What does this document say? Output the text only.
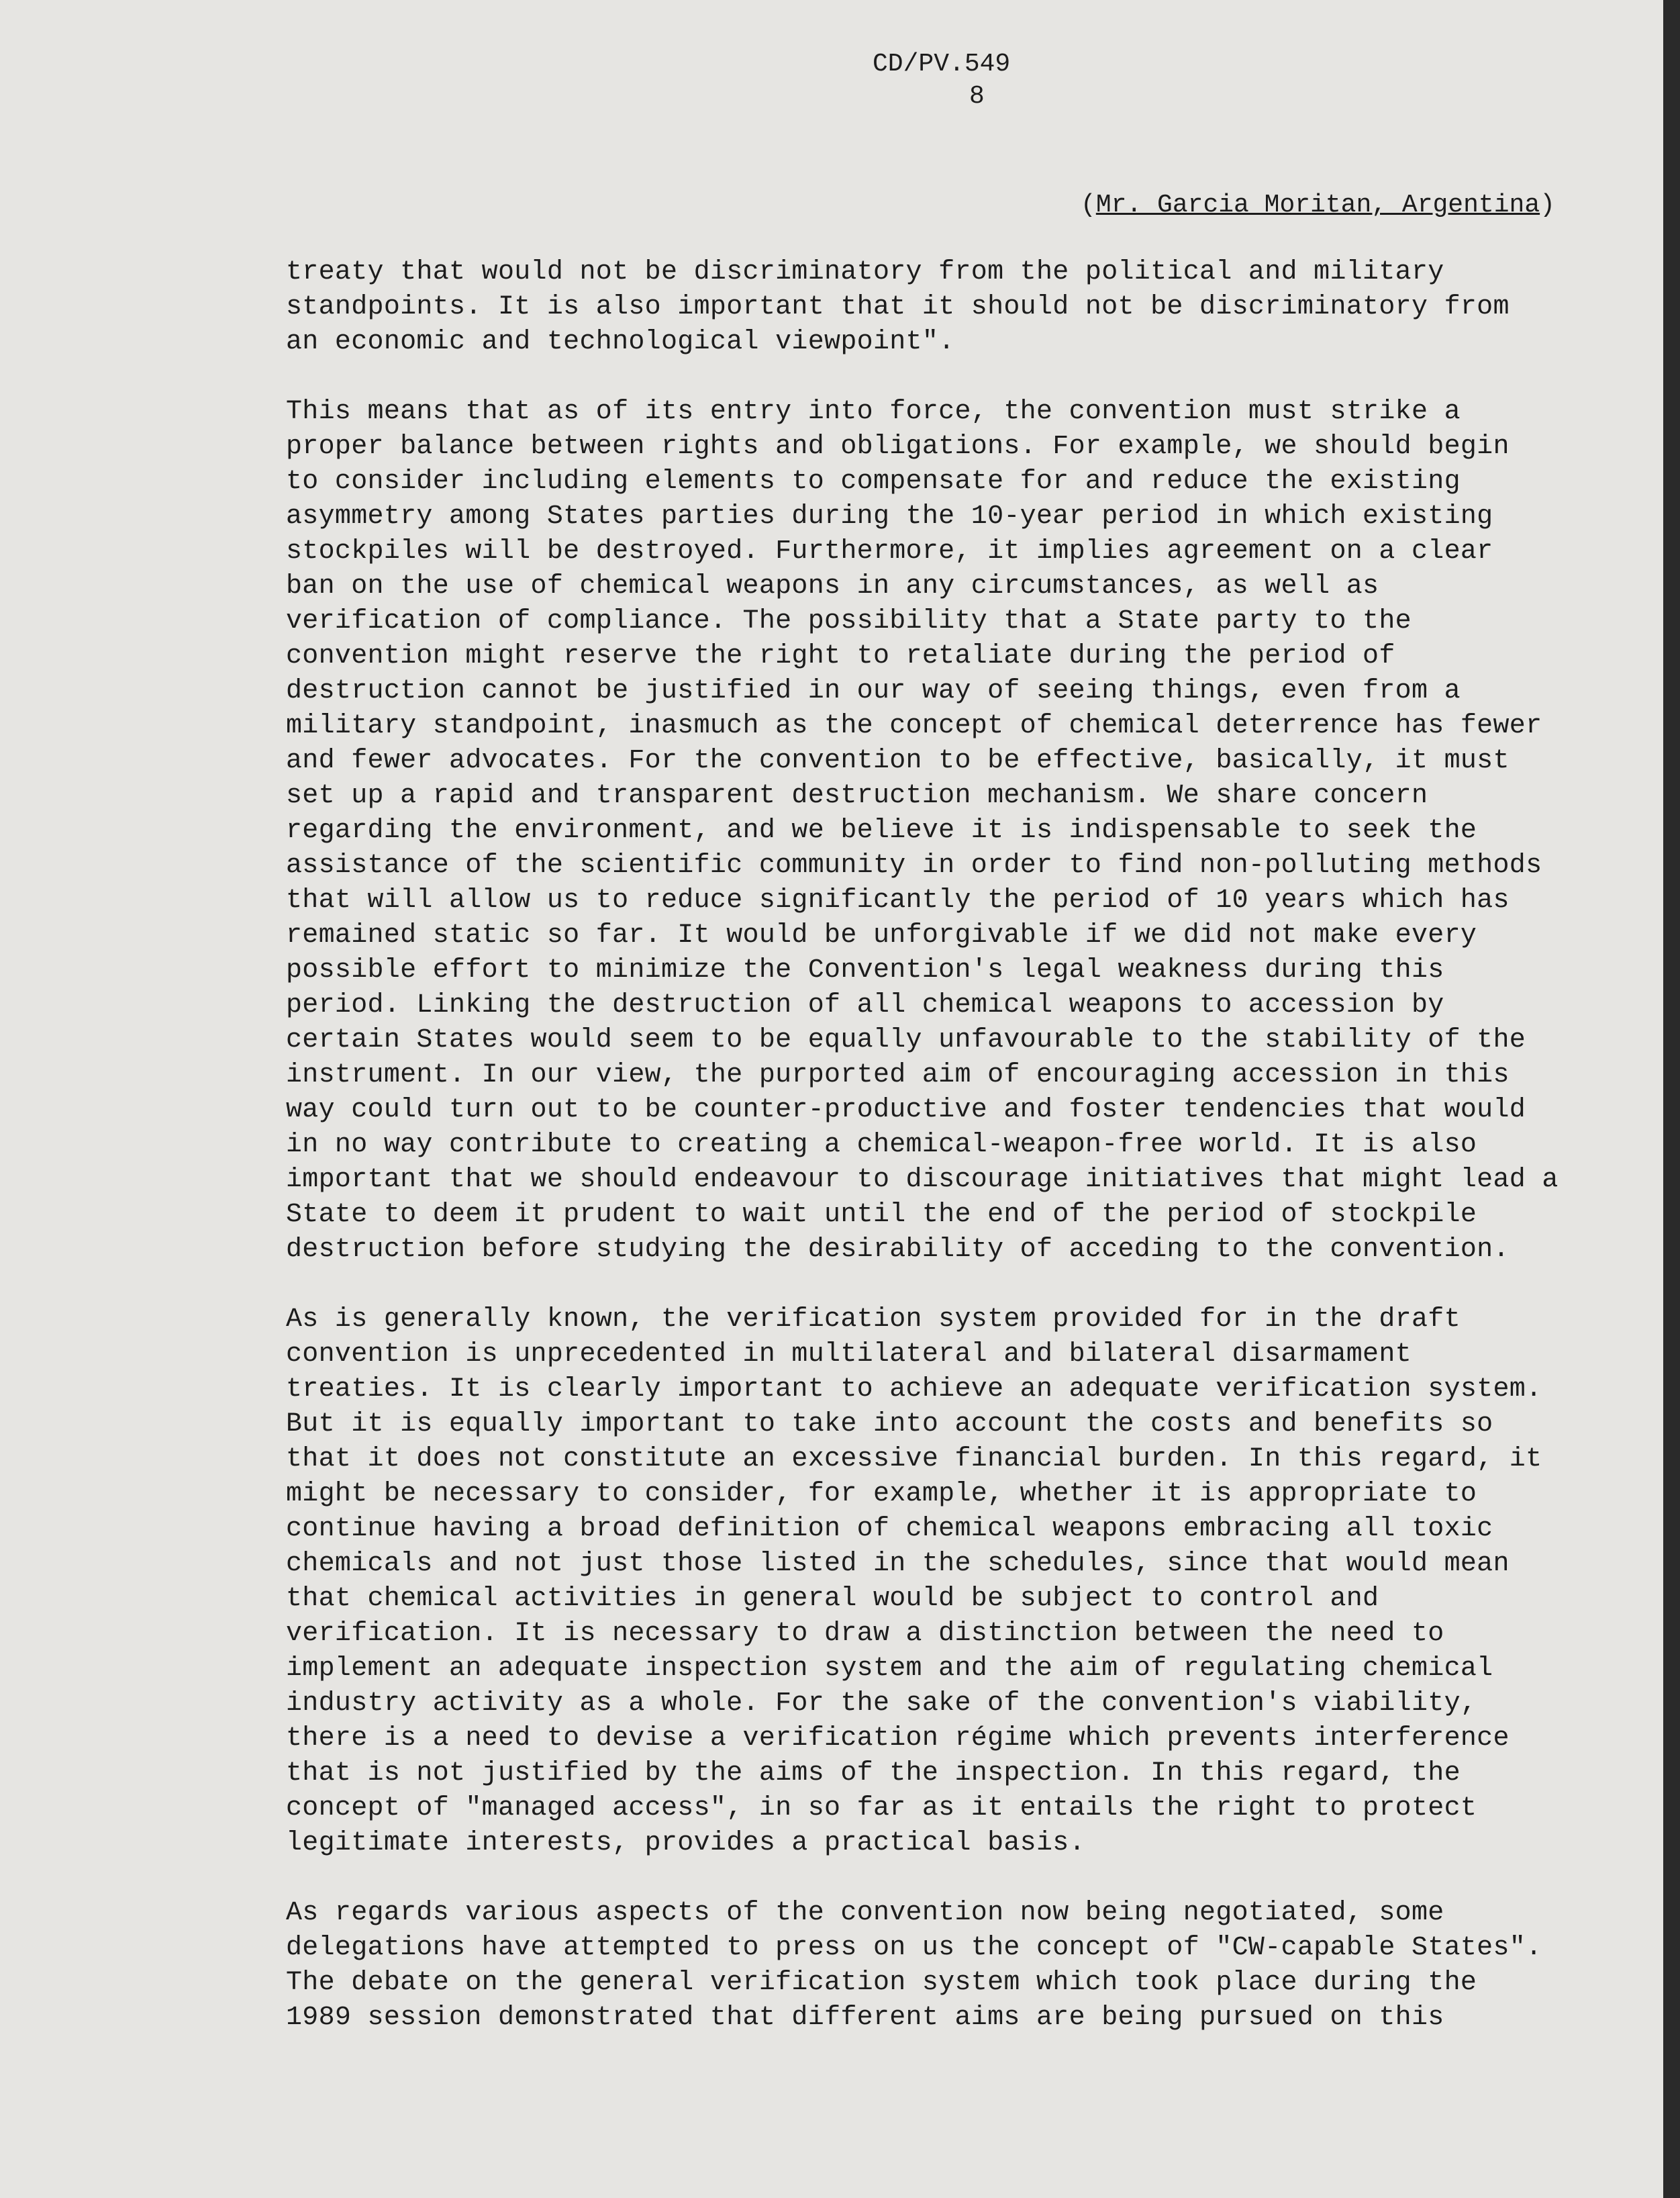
CD/PV.549
8
(Mr. Garcia Moritan, Argentina)

treaty that would not be discriminatory from the political and military
standpoints. It is also important that it should not be discriminatory from
an economic and technological viewpoint".

This means that as of its entry into force, the convention must strike a
proper balance between rights and obligations. For example, we should begin
to consider including elements to compensate for and reduce the existing
asymmetry among States parties during the 10-year period in which existing
stockpiles will be destroyed. Furthermore, it implies agreement on a clear
ban on the use of chemical weapons in any circumstances, as well as
verification of compliance. The possibility that a State party to the
convention might reserve the right to retaliate during the period of
destruction cannot be justified in our way of seeing things, even from a
military standpoint, inasmuch as the concept of chemical deterrence has fewer
and fewer advocates. For the convention to be effective, basically, it must
set up a rapid and transparent destruction mechanism. We share concern
regarding the environment, and we believe it is indispensable to seek the
assistance of the scientific community in order to find non-polluting methods
that will allow us to reduce significantly the period of 10 years which has
remained static so far. It would be unforgivable if we did not make every
possible effort to minimize the Convention's legal weakness during this
period. Linking the destruction of all chemical weapons to accession by
certain States would seem to be equally unfavourable to the stability of the
instrument. In our view, the purported aim of encouraging accession in this
way could turn out to be counter-productive and foster tendencies that would
in no way contribute to creating a chemical-weapon-free world. It is also
important that we should endeavour to discourage initiatives that might lead a
State to deem it prudent to wait until the end of the period of stockpile
destruction before studying the desirability of acceding to the convention.

As is generally known, the verification system provided for in the draft
convention is unprecedented in multilateral and bilateral disarmament
treaties. It is clearly important to achieve an adequate verification system.
But it is equally important to take into account the costs and benefits so
that it does not constitute an excessive financial burden. In this regard, it
might be necessary to consider, for example, whether it is appropriate to
continue having a broad definition of chemical weapons embracing all toxic
chemicals and not just those listed in the schedules, since that would mean
that chemical activities in general would be subject to control and
verification. It is necessary to draw a distinction between the need to
implement an adequate inspection system and the aim of regulating chemical
industry activity as a whole. For the sake of the convention's viability,
there is a need to devise a verification régime which prevents interference
that is not justified by the aims of the inspection. In this regard, the
concept of "managed access", in so far as it entails the right to protect
legitimate interests, provides a practical basis.

As regards various aspects of the convention now being negotiated, some
delegations have attempted to press on us the concept of "CW-capable States".
The debate on the general verification system which took place during the
1989 session demonstrated that different aims are being pursued on this
